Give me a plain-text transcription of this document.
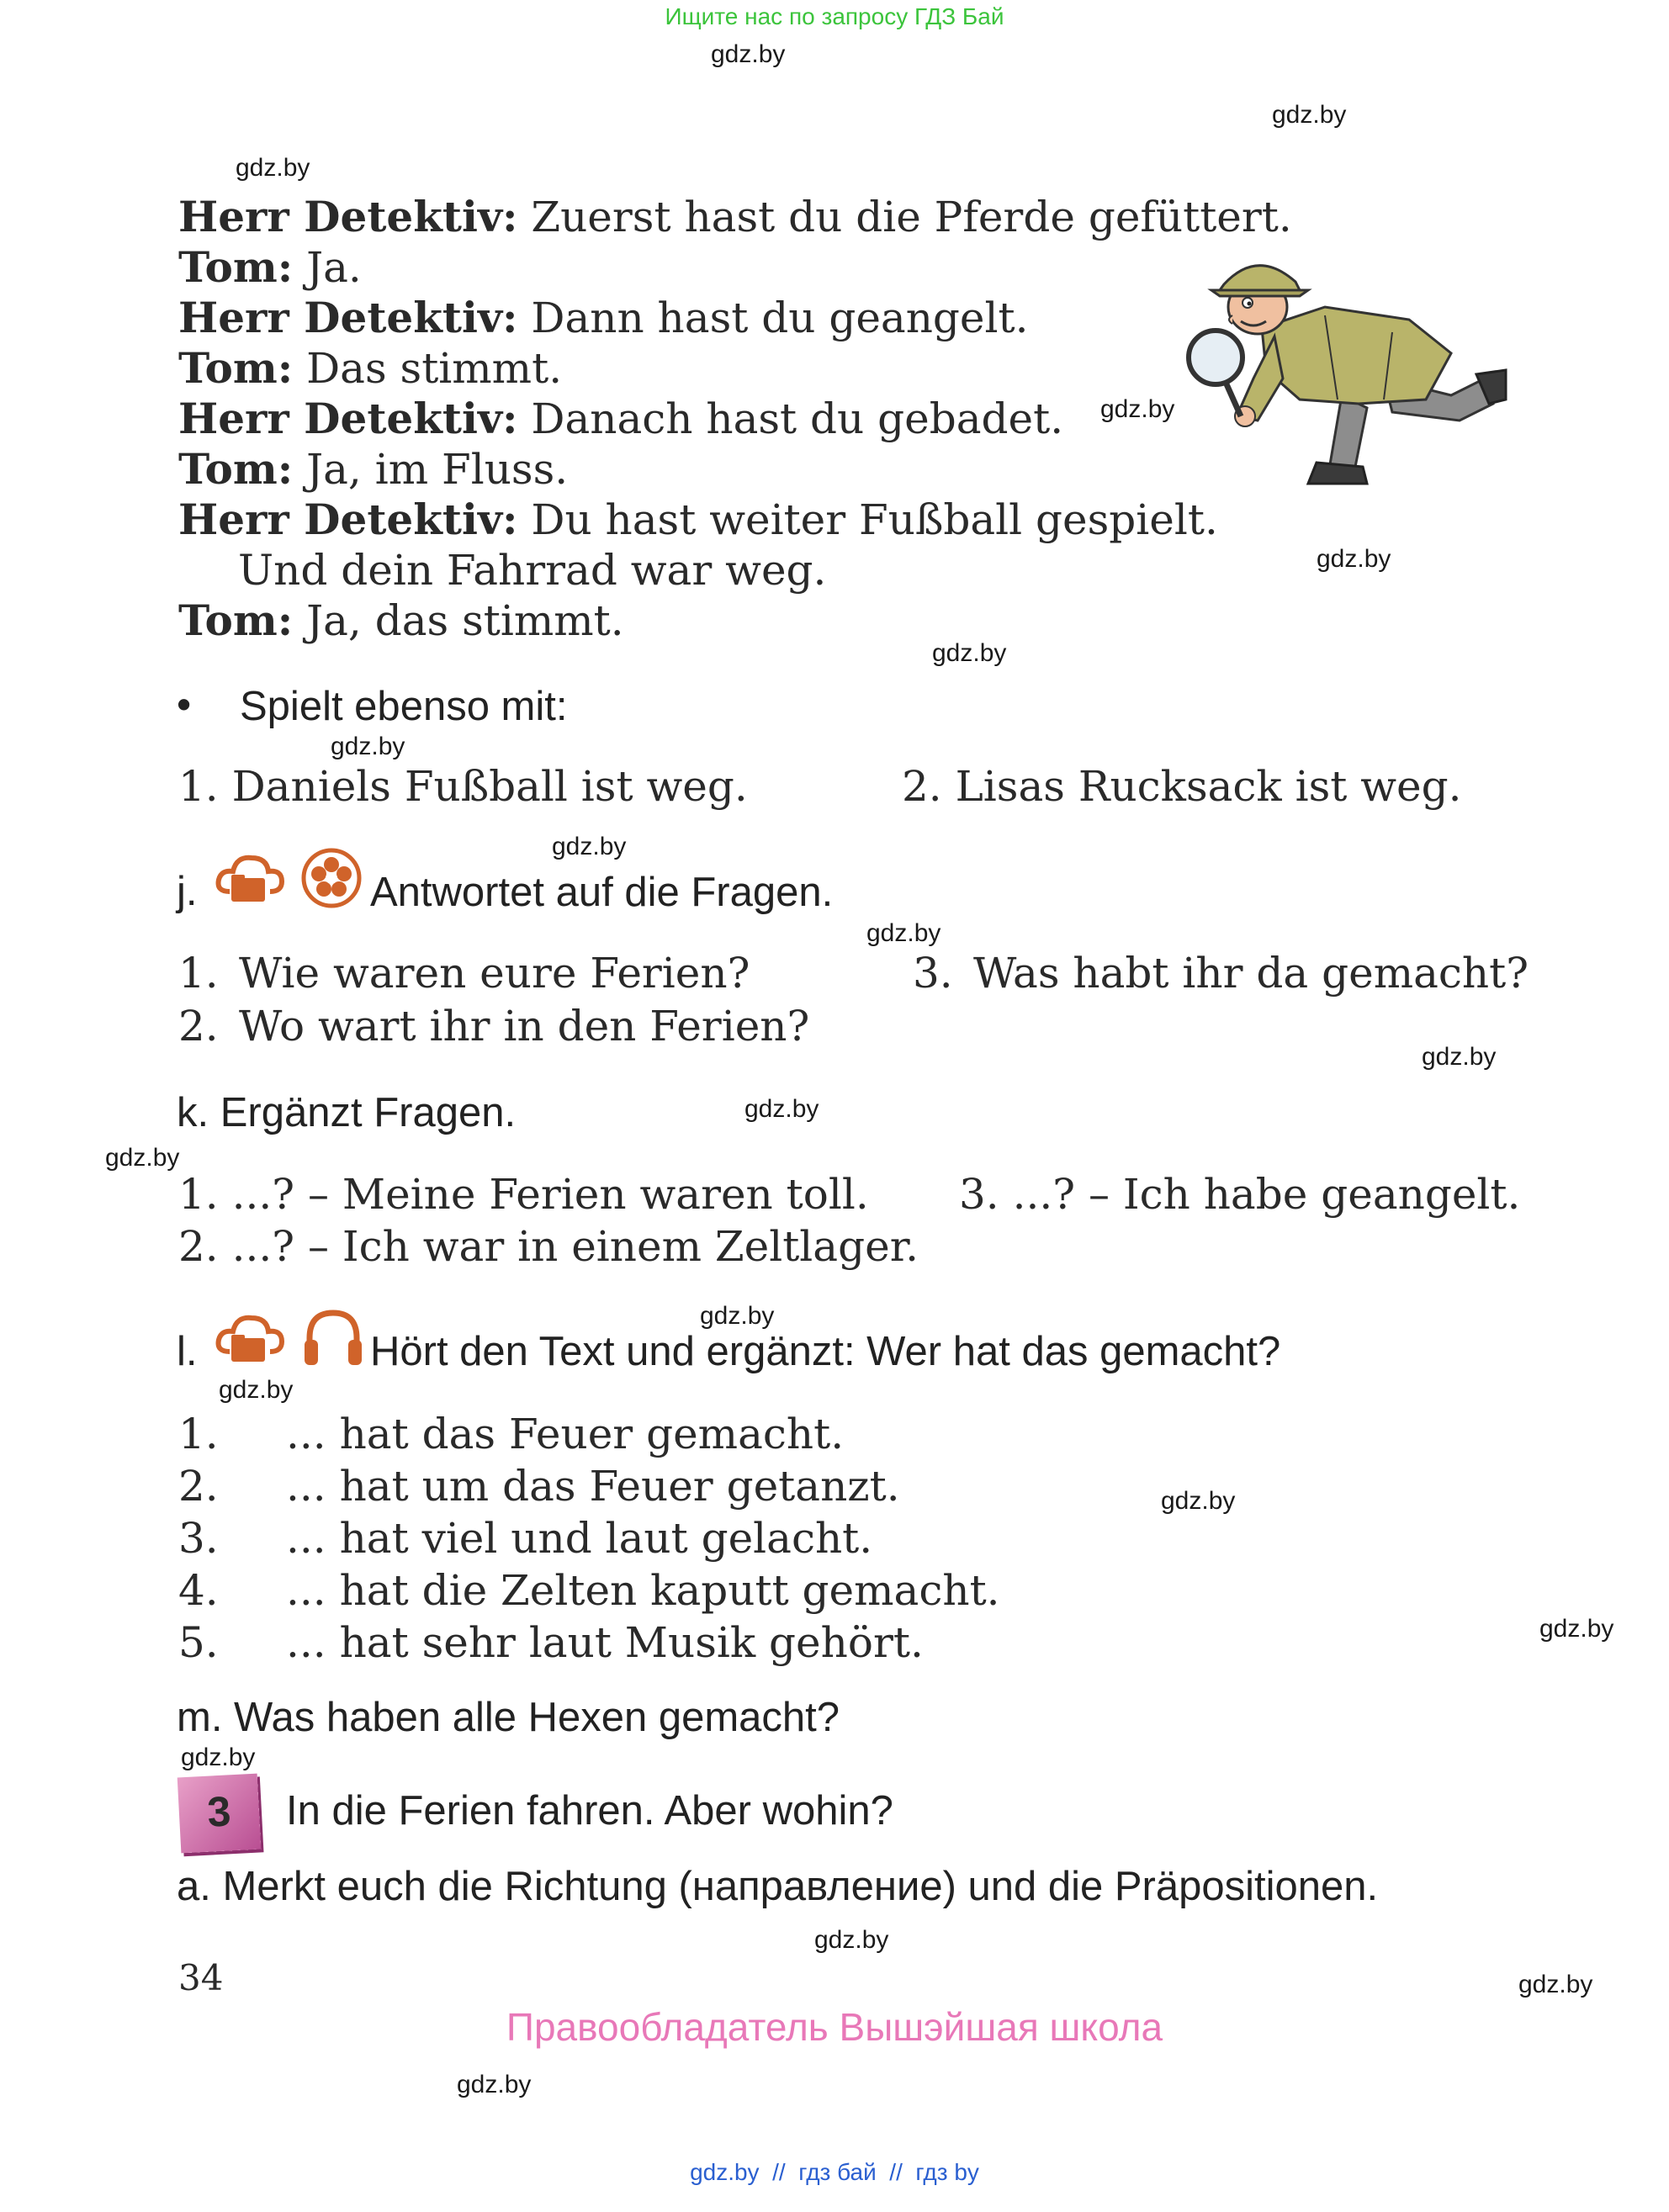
Ищите нас по запросу ГДЗ Бай
gdz.by
gdz.by
gdz.by
gdz.by
gdz.by
gdz.by
gdz.by
gdz.by
gdz.by
gdz.by
gdz.by
gdz.by
gdz.by
gdz.by
gdz.by
gdz.by
gdz.by
gdz.by
gdz.by
gdz.by
Herr Detektiv: Zuerst hast du die Pferde gefüttert.
Tom: Ja.
Herr Detektiv: Dann hast du geangelt.
Tom: Das stimmt.
Herr Detektiv: Danach hast du gebadet.
Tom: Ja, im Fluss.
Herr Detektiv: Du hast weiter Fußball gespielt.
Und dein Fahrrad war weg.
Tom: Ja, das stimmt.
• Spielt ebenso mit:
1. Daniels Fußball ist weg.	2. Lisas Rucksack ist weg.
j.	Antwortet auf die Fragen.
1. Wie waren eure Ferien?
2. Wo wart ihr in den Ferien?
3. Was habt ihr da gemacht?
k. Ergänzt Fragen.
1. ...? – Meine Ferien waren toll.
2. ...? – Ich war in einem Zeltlager.
3. ...? – Ich habe geangelt.
l.	Hört den Text und ergänzt: Wer hat das gemacht?
1. ... hat das Feuer gemacht.
2. ... hat um das Feuer getanzt.
3. ... hat viel und laut gelacht.
4. ... hat die Zelten kaputt gemacht.
5. ... hat sehr laut Musik gehört.
m. Was haben alle Hexen gemacht?
3	In die Ferien fahren. Aber wohin?
a. Merkt euch die Richtung (направление) und die Präpositionen.
34
Правообладатель Вышэйшая школа
gdz.by  //  гдз бай  //  гдз by
